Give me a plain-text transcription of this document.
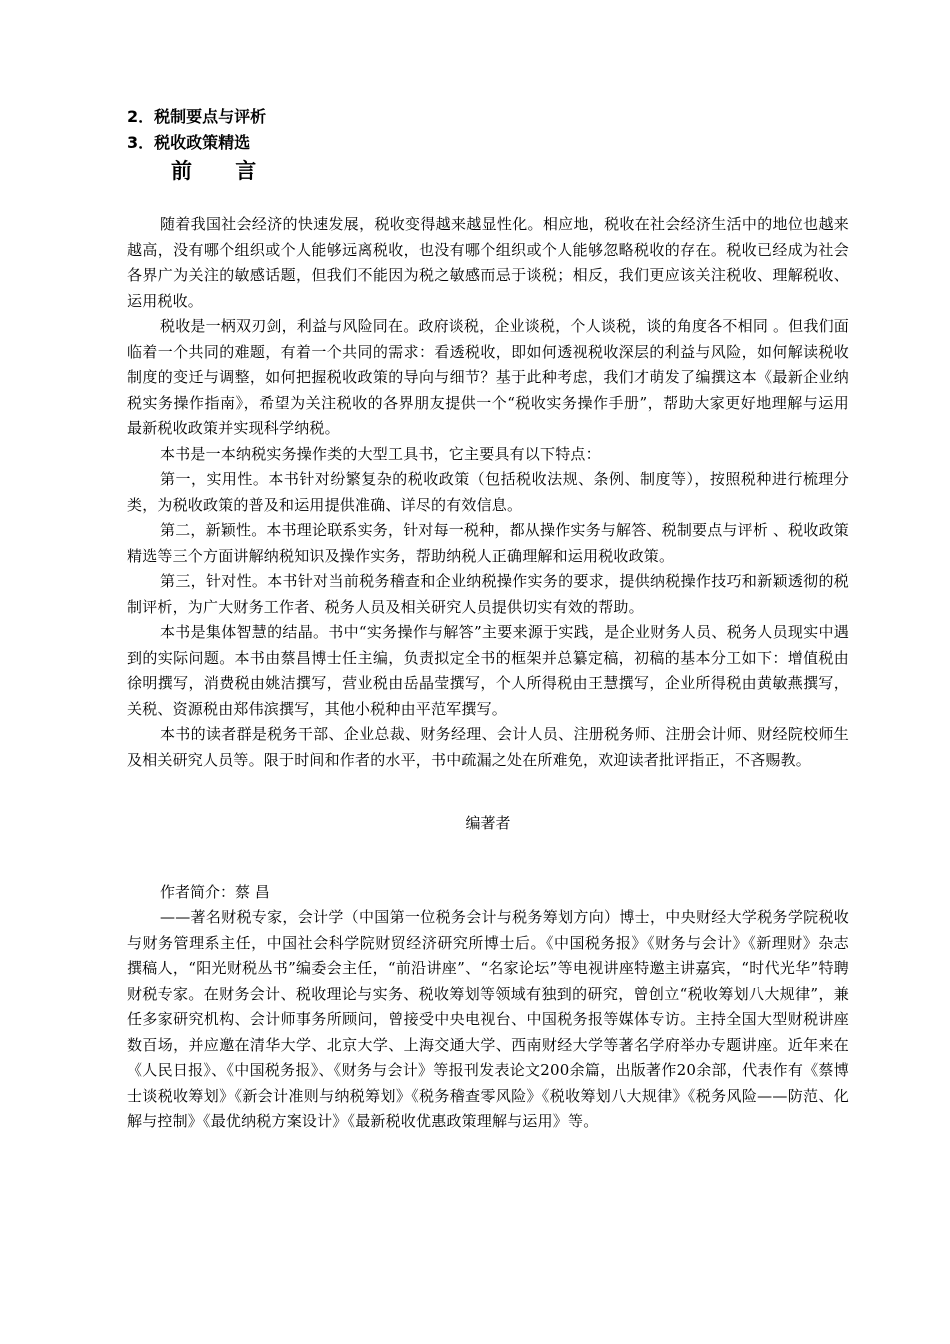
2．税制要点与评析

3．税收政策精选

前 言

随着我国社会经济的快速发展，税收变得越来越显性化。相应地，税收在社会经济生活中的地位也越来越高，没有哪个组织或个人能够远离税收，也没有哪个组织或个人能够忽略税收的存在。税收已经成为社会各界广为关注的敏感话题，但我们不能因为税之敏感而忌于谈税；相反，我们更应该关注税收、理解税收、运用税收。

税收是一柄双刃剑，利益与风险同在。政府谈税，企业谈税，个人谈税，谈的角度各不相同 。但我们面临着一个共同的难题，有着一个共同的需求：看透税收，即如何透视税收深层的利益与风险，如何解读税收制度的变迁与调整，如何把握税收政策的导向与细节？基于此种考虑，我们才萌发了编撰这本《最新企业纳税实务操作指南》，希望为关注税收的各界朋友提供一个“税收实务操作手册”，帮助大家更好地理解与运用最新税收政策并实现科学纳税。

本书是一本纳税实务操作类的大型工具书，它主要具有以下特点：

第一，实用性。本书针对纷繁复杂的税收政策（包括税收法规、条例、制度等），按照税种进行梳理分类，为税收政策的普及和运用提供准确、详尽的有效信息。

第二，新颖性。本书理论联系实务，针对每一税种，都从操作实务与解答、税制要点与评析 、税收政策精选等三个方面讲解纳税知识及操作实务，帮助纳税人正确理解和运用税收政策。

第三，针对性。本书针对当前税务稽查和企业纳税操作实务的要求，提供纳税操作技巧和新颖透彻的税制评析，为广大财务工作者、税务人员及相关研究人员提供切实有效的帮助。

本书是集体智慧的结晶。书中“实务操作与解答”主要来源于实践，是企业财务人员、税务人员现实中遇到的实际问题。本书由蔡昌博士任主编，负责拟定全书的框架并总纂定稿，初稿的基本分工如下：增值税由徐明撰写，消费税由姚洁撰写，营业税由岳晶莹撰写，个人所得税由王慧撰写，企业所得税由黄敏燕撰写，关税、资源税由郑伟滨撰写，其他小税种由平范军撰写。

本书的读者群是税务干部、企业总裁、财务经理、会计人员、注册税务师、注册会计师、财经院校师生及相关研究人员等。限于时间和作者的水平，书中疏漏之处在所难免，欢迎读者批评指正，不吝赐教。

编著者

作者简介：蔡 昌

——著名财税专家，会计学（中国第一位税务会计与税务筹划方向）博士，中央财经大学税务学院税收与财务管理系主任，中国社会科学院财贸经济研究所博士后。《中国税务报》《财务与会计》《新理财》杂志撰稿人，“阳光财税丛书”编委会主任，“前沿讲座”、“名家论坛”等电视讲座特邀主讲嘉宾，“时代光华”特聘财税专家。在财务会计、税收理论与实务、税收筹划等领域有独到的研究，曾创立“税收筹划八大规律”，兼任多家研究机构、会计师事务所顾问，曾接受中央电视台、中国税务报等媒体专访。主持全国大型财税讲座数百场，并应邀在清华大学、北京大学、上海交通大学、西南财经大学等著名学府举办专题讲座。近年来在《人民日报》、《中国税务报》、《财务与会计》等报刊发表论文200余篇，出版著作20余部，代表作有《蔡博士谈税收筹划》《新会计准则与纳税筹划》《税务稽查零风险》《税收筹划八大规律》《税务风险——防范、化解与控制》《最优纳税方案设计》《最新税收优惠政策理解与运用》等。
